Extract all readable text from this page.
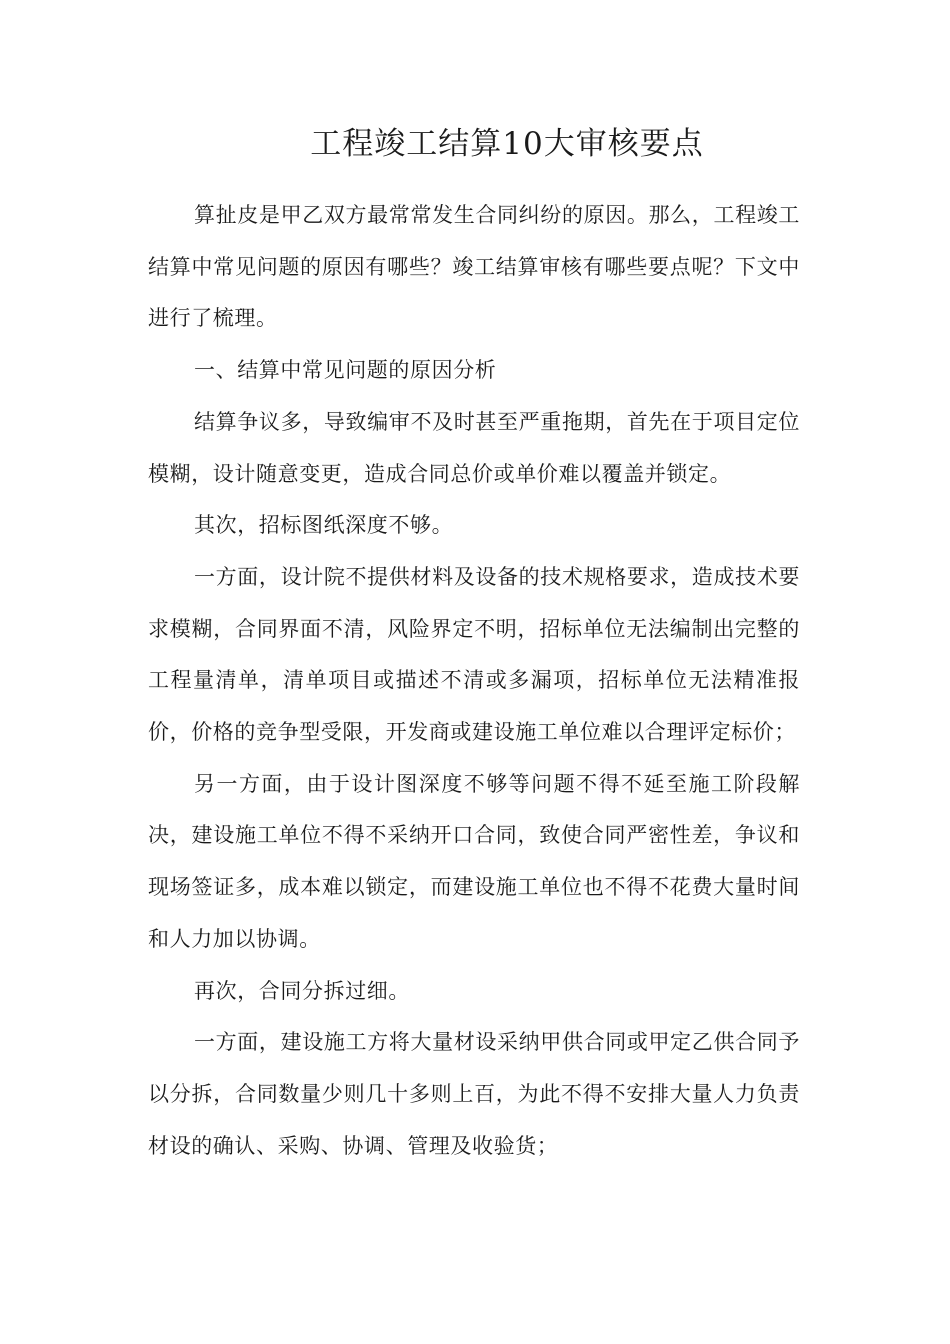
工程竣工结算10大审核要点

算扯皮是甲乙双方最常常发生合同纠纷的原因。那么，工程竣工结算中常见问题的原因有哪些？竣工结算审核有哪些要点呢？下文中进行了梳理。

一、结算中常见问题的原因分析

结算争议多，导致编审不及时甚至严重拖期，首先在于项目定位模糊，设计随意变更，造成合同总价或单价难以覆盖并锁定。

其次，招标图纸深度不够。

一方面，设计院不提供材料及设备的技术规格要求，造成技术要求模糊，合同界面不清，风险界定不明，招标单位无法编制出完整的工程量清单，清单项目或描述不清或多漏项，招标单位无法精准报价，价格的竞争型受限，开发商或建设施工单位难以合理评定标价；

另一方面，由于设计图深度不够等问题不得不延至施工阶段解决，建设施工单位不得不采纳开口合同，致使合同严密性差，争议和现场签证多，成本难以锁定，而建设施工单位也不得不花费大量时间和人力加以协调。

再次，合同分拆过细。

一方面，建设施工方将大量材设采纳甲供合同或甲定乙供合同予以分拆，合同数量少则几十多则上百，为此不得不安排大量人力负责材设的确认、采购、协调、管理及收验货；
